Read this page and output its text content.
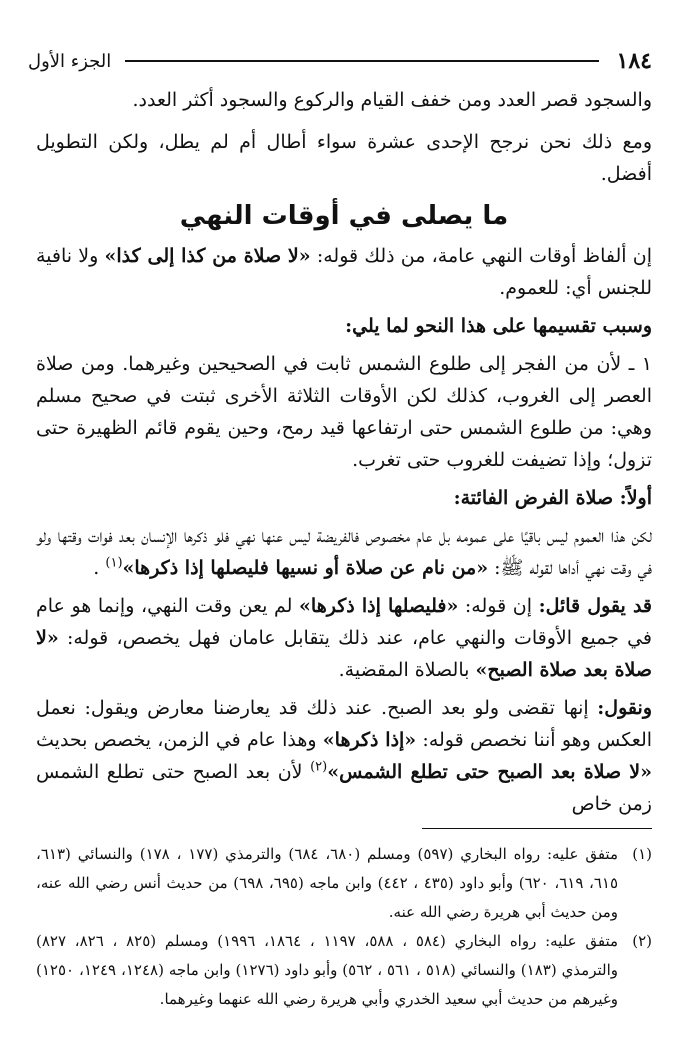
١٨٤
الجزء الأول

والسجود قصر العدد ومن خفف القيام والركوع والسجود أكثر العدد.

ومع ذلك نحن نرجح الإحدى عشرة سواء أطال أم لم يطل، ولكن التطويل أفضل.

ما يصلى في أوقات النهي

إن ألفاظ أوقات النهي عامة، من ذلك قوله: «لا صلاة من كذا إلى كذا» ولا نافية للجنس أي: للعموم.

وسبب تقسيمها على هذا النحو لما يلي:

١ ـ لأن من الفجر إلى طلوع الشمس ثابت في الصحيحين وغيرهما. ومن صلاة العصر إلى الغروب، كذلك لكن الأوقات الثلاثة الأخرى ثبتت في صحيح مسلم وهي: من طلوع الشمس حتى ارتفاعها قيد رمح، وحين يقوم قائم الظهيرة حتى تزول؛ وإذا تضيفت للغروب حتى تغرب.

أولاً: صلاة الفرض الفائتة:

لكن هذا العموم ليس باقيًا على عمومه بل عام مخصوص فالفريضة ليس عنها نهي فلو ذكرها الإنسان بعد فوات وقتها ولو في وقت نهي أداها لقوله ﷺ: «من نام عن صلاة أو نسيها فليصلها إذا ذكرها»$^{(١)}$ .

قد يقول قائل: إن قوله: «فليصلها إذا ذكرها» لم يعن وقت النهي، وإنما هو عام في جميع الأوقات والنهي عام، عند ذلك يتقابل عامان فهل يخصص، قوله: «لا صلاة بعد صلاة الصبح» بالصلاة المقضية.

ونقول: إنها تقضى ولو بعد الصبح. عند ذلك قد يعارضنا معارض ويقول: نعمل العكس وهو أننا نخصص قوله: «إذا ذكرها» وهذا عام في الزمن، يخصص بحديث «لا صلاة بعد الصبح حتى تطلع الشمس»$^{(٢)}$ لأن بعد الصبح حتى تطلع الشمس زمن خاص

(١)
متفق عليه: رواه البخاري (٥٩٧) ومسلم (٦٨٠، ٦٨٤) والترمذي (١٧٧ ، ١٧٨) والنسائي (٦١٣، ٦١٥، ٦١٩، ٦٢٠) وأبو داود (٤٣٥ ، ٤٤٢) وابن ماجه (٦٩٥، ٦٩٨) من حديث أنس رضي الله عنه، ومن حديث أبي هريرة رضي الله عنه.
(٢)
متفق عليه: رواه البخاري (٥٨٤ ، ٥٨٨، ١١٩٧ ، ١٨٦٤، ١٩٩٦) ومسلم (٨٢٥ ، ٨٢٦، ٨٢٧) والترمذي (١٨٣) والنسائي (٥١٨ ، ٥٦١ ، ٥٦٢) وأبو داود (١٢٧٦) وابن ماجه (١٢٤٨، ١٢٤٩، ١٢٥٠) وغيرهم من حديث أبي سعيد الخدري وأبي هريرة رضي الله عنهما وغيرهما.
